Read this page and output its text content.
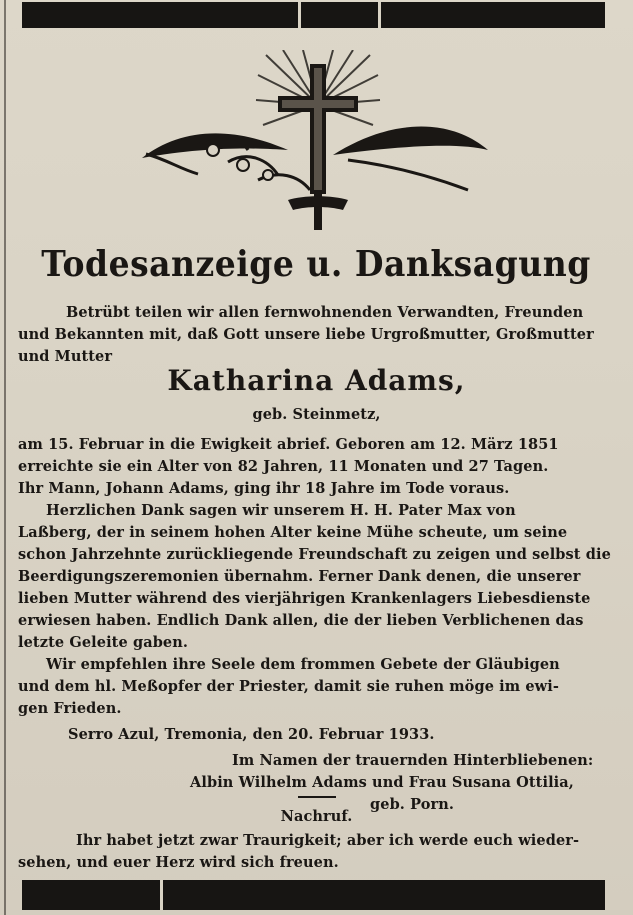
Todesanzeige u. Danksagung
Betrübt teilen wir allen fernwohnenden Verwandten, Freunden
und Bekannten mit, daß Gott unsere liebe Urgroßmutter, Großmutter
und Mutter
Katharina Adams,
geb. Steinmetz,
am 15. Februar in die Ewigkeit abrief. Geboren am 12. März 1851
erreichte sie ein Alter von 82 Jahren, 11 Monaten und 27 Tagen.
Ihr Mann, Johann Adams, ging ihr 18 Jahre im Tode voraus.
Herzlichen Dank sagen wir unserem H. H. Pater Max von
Laßberg, der in seinem hohen Alter keine Mühe scheute, um seine
schon Jahrzehnte zurückliegende Freundschaft zu zeigen und selbst die
Beerdigungszeremonien übernahm. Ferner Dank denen, die unserer
lieben Mutter während des vierjährigen Krankenlagers Liebesdienste
erwiesen haben. Endlich Dank allen, die der lieben Verblichenen das
letzte Geleite gaben.
Wir empfehlen ihre Seele dem frommen Gebete der Gläubigen
und dem hl. Meßopfer der Priester, damit sie ruhen möge im ewi-
gen Frieden.
Serro Azul, Tremonia, den 20. Februar 1933.
Im Namen der trauernden Hinterbliebenen:
Albin Wilhelm Adams und Frau Susana Ottilia,
geb. Porn.
Nachruf.
Ihr habet jetzt zwar Traurigkeit; aber ich werde euch wieder-
sehen, und euer Herz wird sich freuen.
